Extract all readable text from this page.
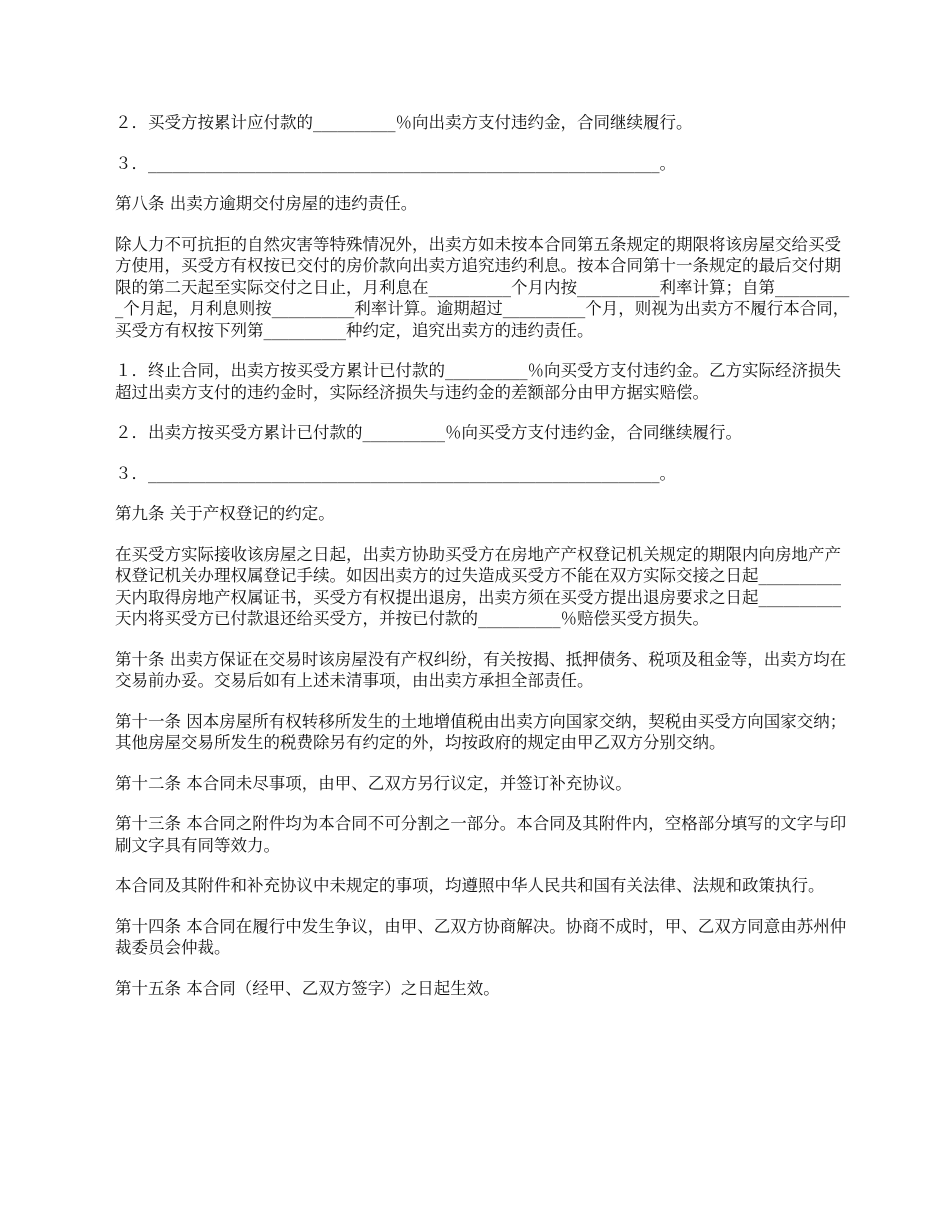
２．买受方按累计应付款的__________％向出卖方支付违约金，合同继续履行。

３．______________________________________________________________。

第八条 出卖方逾期交付房屋的违约责任。

除人力不可抗拒的自然灾害等特殊情况外，出卖方如未按本合同第五条规定的期限将该房屋交给买受方使用，买受方有权按已交付的房价款向出卖方追究违约利息。按本合同第十一条规定的最后交付期限的第二天起至实际交付之日止，月利息在__________个月内按__________利率计算；自第__________个月起，月利息则按__________利率计算。逾期超过__________个月，则视为出卖方不履行本合同，买受方有权按下列第__________种约定，追究出卖方的违约责任。

１．终止合同，出卖方按买受方累计已付款的__________％向买受方支付违约金。乙方实际经济损失超过出卖方支付的违约金时，实际经济损失与违约金的差额部分由甲方据实赔偿。

２．出卖方按买受方累计已付款的__________％向买受方支付违约金，合同继续履行。

３．______________________________________________________________。

第九条 关于产权登记的约定。

在买受方实际接收该房屋之日起，出卖方协助买受方在房地产产权登记机关规定的期限内向房地产产权登记机关办理权属登记手续。如因出卖方的过失造成买受方不能在双方实际交接之日起__________天内取得房地产权属证书，买受方有权提出退房，出卖方须在买受方提出退房要求之日起__________天内将买受方已付款退还给买受方，并按已付款的__________％赔偿买受方损失。

第十条 出卖方保证在交易时该房屋没有产权纠纷，有关按揭、抵押债务、税项及租金等，出卖方均在交易前办妥。交易后如有上述未清事项，由出卖方承担全部责任。

第十一条 因本房屋所有权转移所发生的土地增值税由出卖方向国家交纳，契税由买受方向国家交纳；其他房屋交易所发生的税费除另有约定的外，均按政府的规定由甲乙双方分别交纳。

第十二条 本合同未尽事项，由甲、乙双方另行议定，并签订补充协议。

第十三条 本合同之附件均为本合同不可分割之一部分。本合同及其附件内，空格部分填写的文字与印刷文字具有同等效力。

本合同及其附件和补充协议中未规定的事项，均遵照中华人民共和国有关法律、法规和政策执行。

第十四条 本合同在履行中发生争议，由甲、乙双方协商解决。协商不成时，甲、乙双方同意由苏州仲裁委员会仲裁。

第十五条 本合同（经甲、乙双方签字）之日起生效。
